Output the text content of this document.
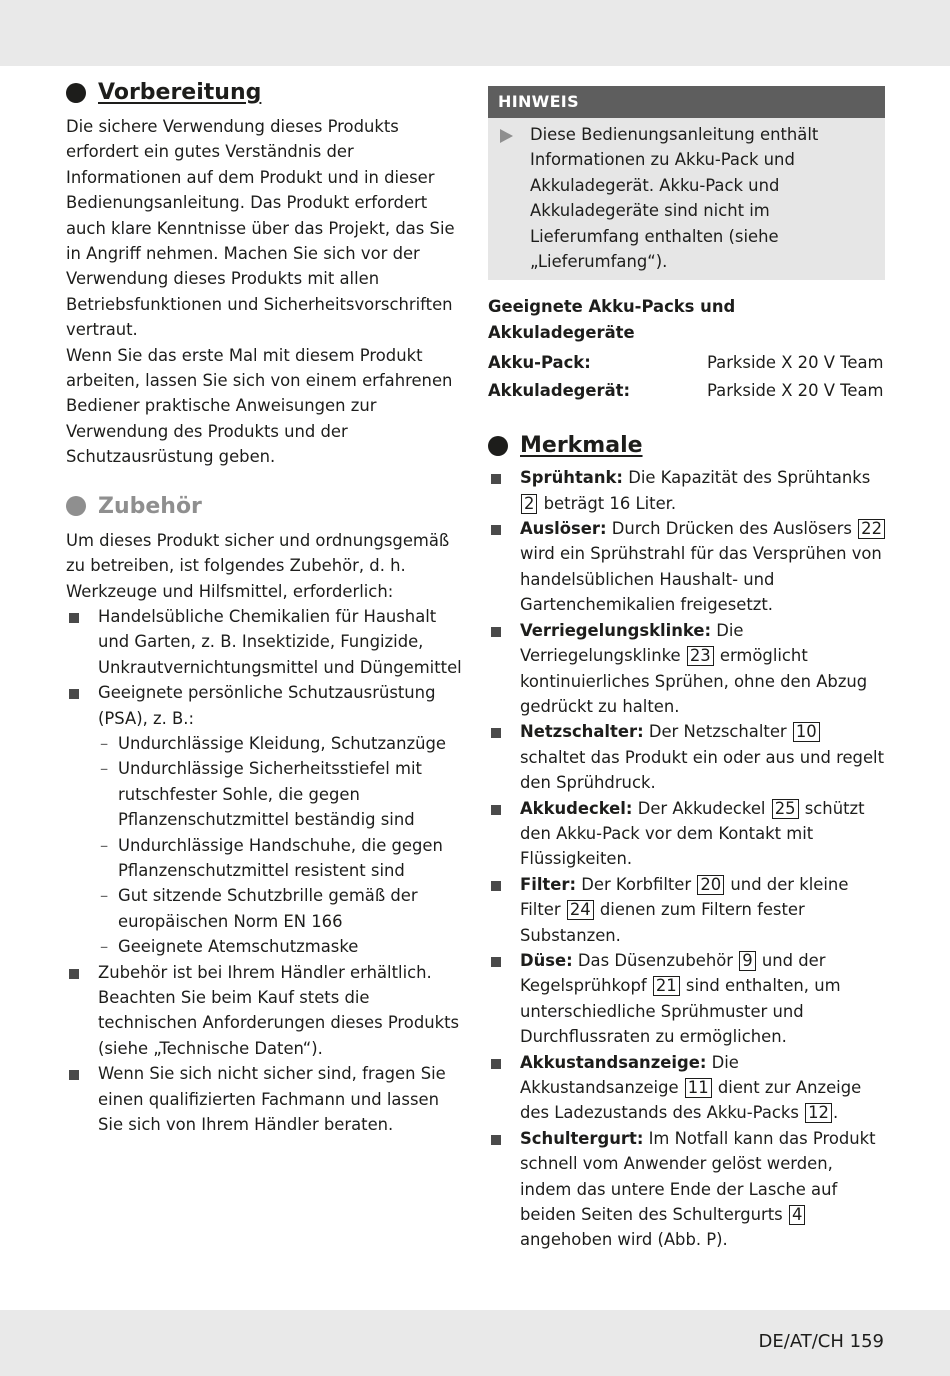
Vorbereitung

Die sichere Verwendung dieses Produkts erfordert ein gutes Verständnis der Informationen auf dem Produkt und in dieser Bedienungsanleitung. Das Produkt erfordert auch klare Kenntnisse über das Projekt, das Sie in Angriff nehmen. Machen Sie sich vor der Verwendung dieses Produkts mit allen Betriebsfunktionen und Sicherheitsvorschriften vertraut.

Wenn Sie das erste Mal mit diesem Produkt arbeiten, lassen Sie sich von einem erfahrenen Bediener praktische Anweisungen zur Verwendung des Produkts und der Schutzausrüstung geben.

Zubehör

Um dieses Produkt sicher und ordnungsgemäß zu betreiben, ist folgendes Zubehör, d. h. Werkzeuge und Hilfsmittel, erforderlich:

Handelsübliche Chemikalien für Haushalt und Garten, z. B. Insektizide, Fungizide, Unkrautvernichtungsmittel und Düngemittel
Geeignete persönliche Schutzausrüstung (PSA), z. B.:
– Undurchlässige Kleidung, Schutzanzüge
– Undurchlässige Sicherheitsstiefel mit rutschfester Sohle, die gegen Pflanzenschutzmittel beständig sind
– Undurchlässige Handschuhe, die gegen Pflanzenschutzmittel resistent sind
– Gut sitzende Schutzbrille gemäß der europäischen Norm EN 166
– Geeignete Atemschutzmaske
Zubehör ist bei Ihrem Händler erhältlich. Beachten Sie beim Kauf stets die technischen Anforderungen dieses Produkts (siehe „Technische Daten“).
Wenn Sie sich nicht sicher sind, fragen Sie einen qualifizierten Fachmann und lassen Sie sich von Ihrem Händler beraten.
HINWEIS
Diese Bedienungsanleitung enthält Informationen zu Akku-Pack und Akkuladegerät. Akku-Pack und Akkuladegeräte sind nicht im Lieferumfang enthalten (siehe „Lieferumfang“).
Geeignete Akku-Packs und Akkuladegeräte
Akku-Pack:	Parkside X 20 V Team
Akkuladegerät:	Parkside X 20 V Team
Merkmale
Sprühtank: Die Kapazität des Sprühtanks 2 beträgt 16 Liter.
Auslöser: Durch Drücken des Auslösers 22 wird ein Sprühstrahl für das Versprühen von handelsüblichen Haushalt- und Gartenchemikalien freigesetzt.
Verriegelungsklinke: Die Verriegelungsklinke 23 ermöglicht kontinuierliches Sprühen, ohne den Abzug gedrückt zu halten.
Netzschalter: Der Netzschalter 10 schaltet das Produkt ein oder aus und regelt den Sprühdruck.
Akkudeckel: Der Akkudeckel 25 schützt den Akku-Pack vor dem Kontakt mit Flüssigkeiten.
Filter: Der Korbfilter 20 und der kleine Filter 24 dienen zum Filtern fester Substanzen.
Düse: Das Düsenzubehör 9 und der Kegelsprühkopf 21 sind enthalten, um unterschiedliche Sprühmuster und Durchflussraten zu ermöglichen.
Akkustandsanzeige: Die Akkustandsanzeige 11 dient zur Anzeige des Ladezustands des Akku-Packs 12 .
Schultergurt: Im Notfall kann das Produkt schnell vom Anwender gelöst werden, indem das untere Ende der Lasche auf beiden Seiten des Schultergurts 4 angehoben wird (Abb. P).
DE/AT/CH 159
